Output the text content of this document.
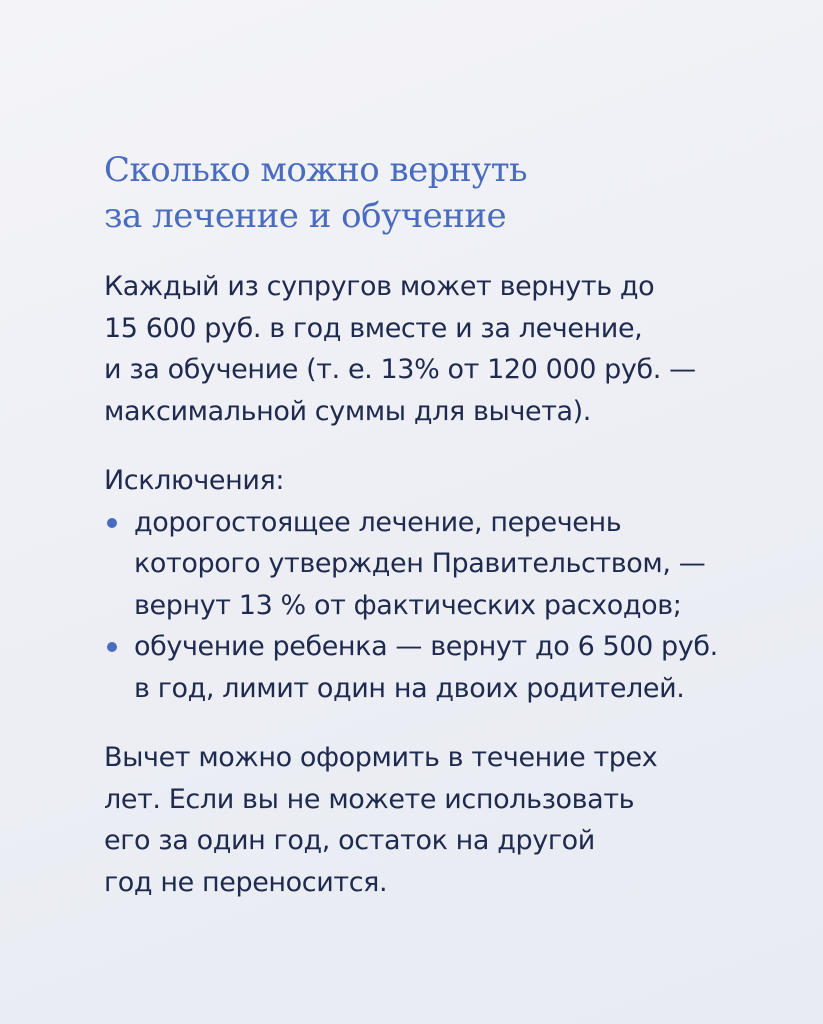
Сколько можно вернуть
за лечение и обучение

Каждый из супругов может вернуть до
15 600 руб. в год вместе и за лечение,
и за обучение (т. е. 13% от 120 000 руб. —
максимальной суммы для вычета).

Исключения:

дорогостоящее лечение, перечень
которого утвержден Правительством, —
вернут 13 % от фактических расходов;
обучение ребенка — вернут до 6 500 руб.
в год, лимит один на двоих родителей.

Вычет можно оформить в течение трех
лет. Если вы не можете использовать
его за один год, остаток на другой
год не переносится.
